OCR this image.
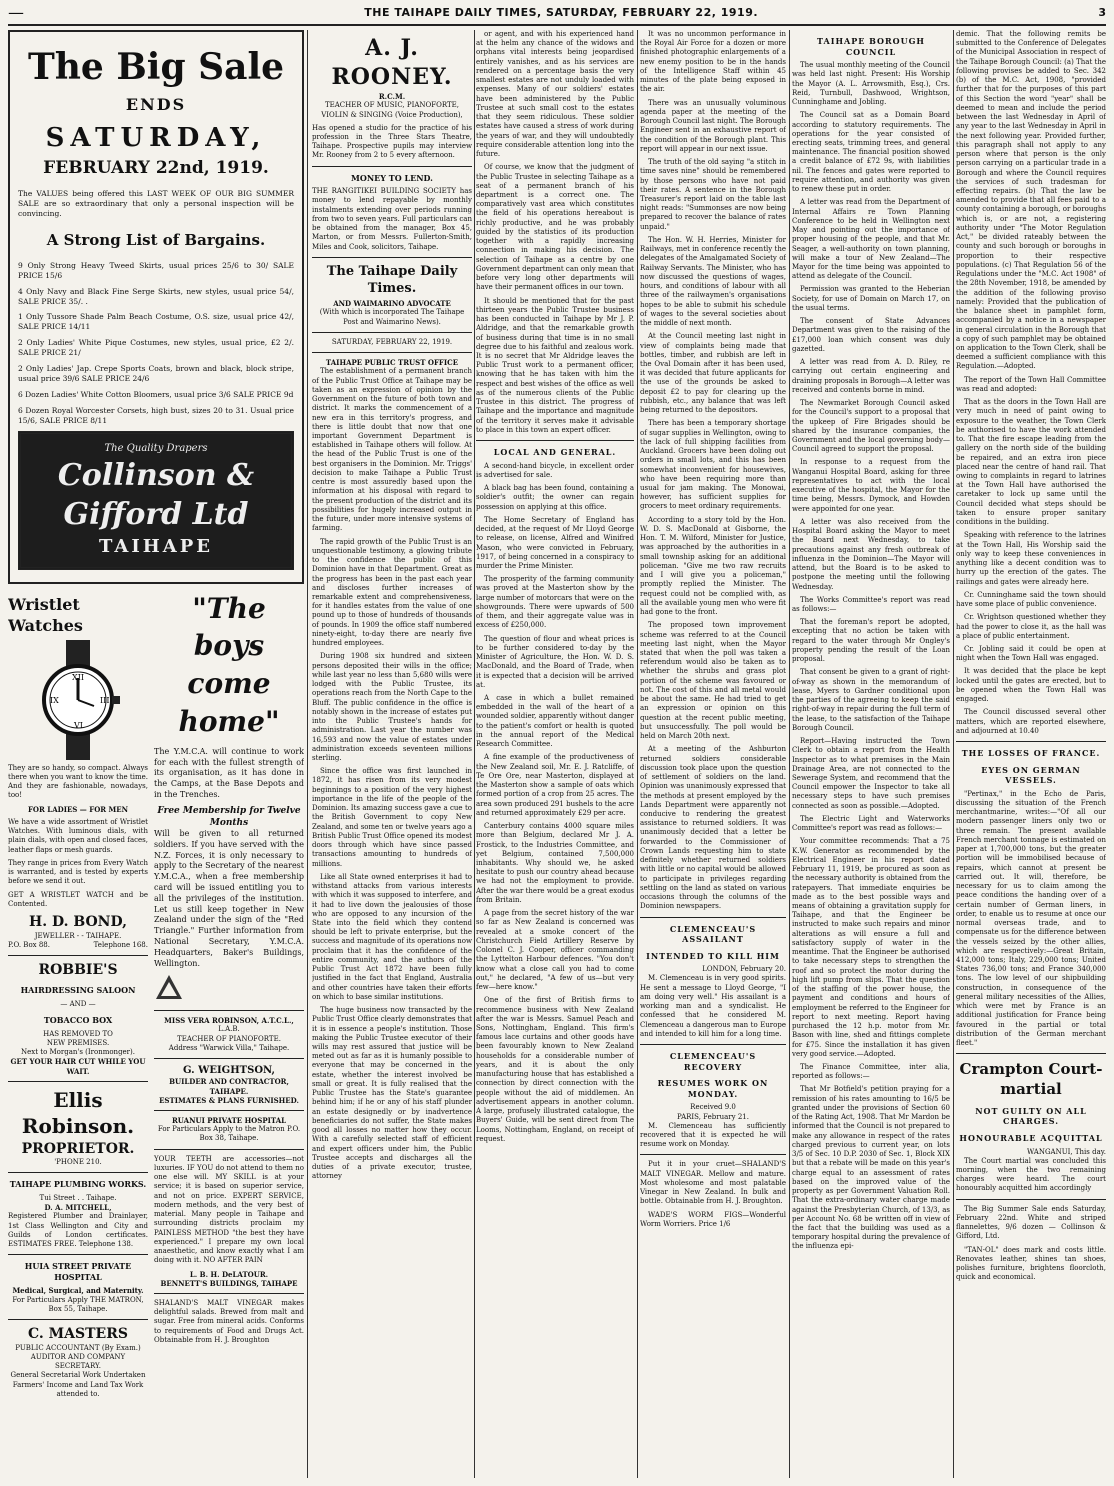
—	THE TAIHAPE DAILY TIMES, SATURDAY, FEBRUARY 22, 1919.	3
The Big Sale
ENDS
SATURDAY,
FEBRUARY 22nd, 1919.
The VALUES being offered this LAST WEEK OF OUR BIG SUMMER SALE are so extraordinary that only a personal inspection will be convincing.
A Strong List of Bargains.
9 Only Strong Heavy Tweed Skirts, usual prices 25/6 to 30/ SALE PRICE 15/6
4 Only Navy and Black Fine Serge Skirts, new styles, usual price 54/, SALE PRICE 35/. .
1 Only Tussore Shade Palm Beach Costume, O.S. size, usual price 42/, SALE PRICE 14/11
2 Only Ladies' White Pique Costumes, new styles, usual price, £2 2/. SALE PRICE 21/
2 Only Ladies' Jap. Crepe Sports Coats, brown and black, block stripe, usual price 39/6 SALE PRICE 24/6
6 Dozen Ladies' White Cotton Bloomers, usual price 3/6 SALE PRICE 9d
6 Dozen Royal Worcester Corsets, high bust, sizes 20 to 31. Usual price 15/6, SALE PRICE 8/11
The Quality Drapers
Collinson & Gifford Ltd
TAIHAPE
Wristlet Watches
XII
III
VI
IX

They are so handy, so compact. Always there when you want to know the time. And they are fashionable, nowadays, too!

FOR LADIES — FOR MEN

We have a wide assortment of Wristlet Watches. With luminous dials, with plain dials, with open and closed faces, leather flaps or mesh guards.

They range in prices from Every Watch is warranted, and is tested by experts before we send it out.

GET A WRISTLET WATCH and be Contented.

H. D. BOND,
JEWELLER - - TAIHAPE.
P.O. Box 88.	Telephone 168.
ROBBIE'S
HAIRDRESSING SALOON
— AND —
TOBACCO BOX
HAS REMOVED TO
NEW PREMISES.
Next to Morgan's (Ironmonger).
GET YOUR HAIR CUT WHILE YOU WAIT.
Ellis Robinson.
PROPRIETOR.
'PHONE 210.
TAIHAPE PLUMBING WORKS.
Tui Street . . Taihape.
D. A. MITCHELL,

Registered Plumber and Drainlayer, 1st Class Wellington and City and Guilds of London certificates. ESTIMATES FREE. Telephone 138.

HUIA STREET PRIVATE HOSPITAL
Medical, Surgical, and Maternity.
For Particulars Apply THE MATRON, Box 55, Taihape.
C. MASTERS
PUBLIC ACCOUNTANT (By Exam.) AUDITOR AND COMPANY SECRETARY.
General Secretarial Work Undertaken Farmers' Income and Land Tax Work attended to.
"The boys come home"

The Y.M.C.A. will continue to work for each with the fullest strength of its organisation, as it has done in the Camps, at the Base Depots and in the Trenches.

Free Membership for Twelve Months

Will be given to all returned soldiers. If you have served with the N.Z. Forces, it is only necessary to apply to the Secretary of the nearest Y.M.C.A., when a free membership card will be issued entitling you to all the privileges of the institution. Let us still keep together in New Zealand under the sign of the "Red Triangle." Further information from National Secretary, Y.M.C.A. Headquarters, Baker's Buildings, Wellington.

MISS VERA ROBINSON, A.T.C.L.,
L.A.B.
TEACHER OF PIANOFORTE.
Address "Warwick Villa," Taihape.
G. WEIGHTSON,
BUILDER AND CONTRACTOR, TAIHAPE.
ESTIMATES & PLANS FURNISHED.
RUANUI PRIVATE HOSPITAL
For Particulars Apply to the Matron P.O. Box 38, Taihape.

YOUR TEETH are accessories—not luxuries. IF YOU do not attend to them no one else will. MY SKILL is at your service; it is based on superior service, and not on price. EXPERT SERVICE, modern methods, and the very best of material. Many people in Taihape and surrounding districts proclaim my PAINLESS METHOD "the best they have experienced." I prepare my own local anaesthetic, and know exactly what I am doing with it. NO AFTER PAIN

L. B. H. DeLATOUR.
BENNETT'S BUILDINGS, TAIHAPE

SHALAND'S MALT VINEGAR makes delightful salads. Brewed from malt and sugar. Free from mineral acids. Conforms to requirements of Food and Drugs Act. Obtainable from H. J. Broughton

A. J. ROONEY.
R.C.M.

TEACHER OF MUSIC, PIANOFORTE, VIOLIN & SINGING (Voice Production),

Has opened a studio for the practice of his profession in the Three Stars Theatre, Taihape. Prospective pupils may interview Mr. Rooney from 2 to 5 every afternoon.

MONEY TO LEND.

THE RANGITIKEI BUILDING SOCIETY has money to lend repayable by monthly instalments extending over periods running from two to seven years. Full particulars can be obtained from the manager, Box 45, Marton, or from Messrs. Fullerton-Smith, Miles and Cook, solicitors, Taihape.

The Taihape Daily Times.
AND WAIMARINO ADVOCATE
(With which is incorporated The Taihape Post and Waimarino News).
SATURDAY, FEBRUARY 22, 1919.
TAIHAPE PUBLIC TRUST OFFICE

The establishment of a permanent branch of the Public Trust Office at Taihape may be taken as an expression of opinion by the Government on the future of both town and district. It marks the commencement of a new era in this territory's progress, and there is little doubt that now that one important Government Department is established in Taihape others will follow. At the head of the Public Trust is one of the best organisers in the Dominion. Mr. Triggs' decision to make Taihape a Public Trust centre is most assuredly based upon the information at his disposal with regard to the present production of the district and its possibilities for hugely increased output in the future, under more intensive systems of farming.

The rapid growth of the Public Trust is an unquestionable testimony, a glowing tribute to the confidence the public of this Dominion have in that Department. Great as the progress has been in the past each year and discloses further increases of remarkable extent and comprehensiveness, for it handles estates from the value of one pound up to those of hundreds of thousands of pounds. In 1909 the office staff numbered ninety-eight, to-day there are nearly five hundred employees.

During 1908 six hundred and sixteen persons deposited their wills in the office; while last year no less than 5,680 wills were lodged with the Public Trustee, its operations reach from the North Cape to the Bluff. The public confidence in the office is notably shown in the increase of estates put into the Public Trustee's hands for administration. Last year the number was 16,593 and now the value of estates under administration exceeds seventeen millions sterling.

Since the office was first launched in 1872, it has risen from its very modest beginnings to a position of the very highest importance in the life of the people of the Dominion. Its amazing success gave a cue to the British Government to copy New Zealand, and some ten or twelve years ago a British Public Trust Office opened its modest doors through which have since passed transactions amounting to hundreds of millions.

Like all State owned enterprises it had to withstand attacks from various interests with which it was supposed to interfere, and it had to live down the jealousies of those who are opposed to any incursion of the State into the field which they contend should be left to private enterprise, but the success and magnitude of its operations now proclaim that it has the confidence of the entire community, and the authors of the Public Trust Act 1872 have been fully justified in the fact that England, Australia and other countries have taken their efforts on which to base similar institutions.

The huge business now transacted by the Public Trust Office clearly demonstrates that it is in essence a people's institution. Those making the Public Trustee executor of their wills may rest assured that justice will be meted out as far as it is humanly possible to everyone that may be concerned in the estate, whether the interest involved be small or great. It is fully realised that the Public Trustee has the State's guarantee behind him; if he or any of his staff plunder an estate designedly or by inadvertence beneficiaries do not suffer, the State makes good all losses no matter how they occur. With a carefully selected staff of efficient and expert officers under him, the Public Trustee accepts and discharges all the duties of a private executor, trustee, attorney

or agent, and with his experienced hand at the helm any chance of the widows and orphans vital interests being jeopardised entirely vanishes, and as his services are rendered on a percentage basis the very smallest estates are not unduly loaded with expenses. Many of our soldiers' estates have been administered by the Public Trustee at such small cost to the estates that they seem ridiculous. These soldier estates have caused a stress of work during the years of war, and they will undoubtedly require considerable attention long into the future.

Of course, we know that the judgment of the Public Trustee in selecting Taihape as a seat of a permanent branch of his department is a correct one. The comparatively vast area which constitutes the field of his operations hereabout is richly productive, and he was probably guided by the statistics of its production together with a rapidly increasing connection in making his decision. The selection of Taihape as a centre by one Government department can only mean that before very long other departments will have their permanent offices in our town.

It should be mentioned that for the past thirteen years the Public Trustee business has been conducted in Taihape by Mr J. P. Aldridge, and that the remarkable growth of business during that time is in no small degree due to his faithful and zealous work. It is no secret that Mr Aldridge leaves the Public Trust work to a permanent officer, knowing that he has taken with him the respect and best wishes of the office as well as of the numerous clients of the Public Trustee in this district. The progress of Taihape and the importance and magnitude of the territory it serves make it advisable to place in this town an expert officer.

LOCAL AND GENERAL.

A second-hand bicycle, in excellent order is advertised for sale.

A black bag has been found, containing a soldier's outfit; the owner can regain possession on applying at this office.

The Home Secretary of England has decided, at the request of Mr Lloyd George to release, on license, Alfred and Winifred Mason, who were convicted in February, 1917, of being concerned in a conspiracy to murder the Prime Minister.

The prosperity of the farming community was proved at the Masterton show by the large number of motorcars that were on the showgrounds. There were upwards of 500 of them, and their aggregate value was in excess of £250,000.

The question of flour and wheat prices is to be further considered to-day by the Minister of Agriculture, the Hon. W. D. S. MacDonald, and the Board of Trade, when it is expected that a decision will be arrived at.

A case in which a bullet remained embedded in the wall of the heart of a wounded soldier, apparently without danger to the patient's comfort or health is quoted in the annual report of the Medical Research Committee.

A fine example of the productiveness of the New Zealand soil, Mr. E. J. Ratcliffe, of Te Ore Ore, near Masterton, displayed at the Masterton show a sample of oats which formed portion of a crop from 25 acres. The area sown produced 291 bushels to the acre and returned approximately £29 per acre.

Canterbury contains 4000 square miles more than Belgium, declared Mr J. A. Frostick, to the Industries Committee, and yet Belgium, contained 7,500,000 inhabitants. Why should we, he asked hesitate to push our country ahead because we had not the employment to provide. After the war there would be a great exodus from Britain.

A page from the secret history of the war so far as New Zealand is concerned was revealed at a smoke concert of the Christchurch Field Artillery Reserve by Colonel C. J. Cooper, officer commanding the Lyttelton Harbour defences. "You don't know what a close call you had to come out," he declared, "A few of us—but very few—here know."

One of the first of British firms to recommence business with New Zealand after the war is Messrs. Samuel Peach and Sons, Nottingham, England. This firm's famous lace curtains and other goods have been favourably known to New Zealand households for a considerable number of years, and it is about the only manufacturing house that has established a connection by direct connection with the people without the aid of middlemen. An advertisement appears in another column. A large, profusely illustrated catalogue, the Buyers' Guide, will be sent direct from The Looms, Nottingham, England, on receipt of request.

It was no uncommon performance in the Royal Air Force for a dozen or more finished photographic enlargements of a new enemy position to be in the hands of the Intelligence Staff within 45 minutes of the plate being exposed in the air.

There was an unusually voluminous agenda paper at the meeting of the Borough Council last night. The Borough Engineer sent in an exhaustive report of the condition of the Borough plant. This report will appear in our next issue.

The truth of the old saying "a stitch in time saves nine" should be remembered by those persons who have not paid their rates. A sentence in the Borough Treasurer's report laid on the table last night reads: "Summonses are now being prepared to recover the balance of rates unpaid."

The Hon. W. H. Herries, Minister for Railways, met in conference recently the delegates of the Amalgamated Society of Railway Servants. The Minister, who has now discussed the questions of wages, hours, and conditions of labour with all three of the railwaymen's organisations hopes to be able to submit his schedule of wages to the several societies about the middle of next month.

At the Council meeting last night in view of complaints being made that bottles, timber, and rubbish are left in the Oval Domain after it has been used, it was decided that future applicants for the use of the grounds be asked to deposit £2 to pay for clearing up the rubbish, etc., any balance that was left being returned to the depositors.

There has been a temporary shortage of sugar supplies in Wellington, owing to the lack of full shipping facilities from Auckland. Grocers have been doling out orders in small lots, and this has been somewhat inconvenient for housewives, who have been requiring more than usual for jam making. The Monowai, however, has sufficient supplies for grocers to meet ordinary requirements.

According to a story told by the Hon. W. D. S. MacDonald at Gisborne, the Hon. T. M. Wilford, Minister for Justice, was approached by the authorities in a small township asking for an additional policeman. "Give me two raw recruits and I will give you a policeman," promptly replied the Minister. The request could not be complied with, as all the available young men who were fit had gone to the front.

The proposed town improvement scheme was referred to at the Council meeting last night, when the Mayor stated that when the poll was taken a referendum would also be taken as to whether the shrubs and grass plot portion of the scheme was favoured or not. The cost of this and all metal would be about the same. He had tried to get an expression or opinion on this question at the recent public meeting, but unsuccessfully. The poll would be held on March 20th next.

At a meeting of the Ashburton returned soldiers considerable discussion took place upon the question of settlement of soldiers on the land. Opinion was unanimously expressed that the methods at present employed by the Lands Department were apparently not conducive to rendering the greatest assistance to returned soldiers. It was unanimously decided that a letter be forwarded to the Commissioner of Crown Lands requesting him to state definitely whether returned soldiers with little or no capital would be allowed to participate in privileges regarding settling on the land as stated on various occasions through the columns of the Dominion newspapers.

CLEMENCEAU'S ASSAILANT
INTENDED TO KILL HIM
LONDON, February 20.

M. Clemenceau is in very good spirits. He sent a message to Lloyd George, "I am doing very well." His assailant is a working man and a syndicalist. He confessed that he considered M. Clemenceau a dangerous man to Europe and intended to kill him for a long time.

CLEMENCEAU'S RECOVERY
RESUMES WORK ON MONDAY.
Received 9.0
PARIS, February 21.

M. Clemenceau has sufficiently recovered that it is expected he will resume work on Monday.

Put it in your cruet—SHALAND'S MALT VINEGAR. Mellow and mature. Most wholesome and most palatable Vinegar in New Zealand. In bulk and bottle. Obtainable from H. J. Broughton.

WADE'S WORM FIGS—Wonderful Worm Worriers. Price 1/6

TAIHAPE BOROUGH COUNCIL

The usual monthly meeting of the Council was held last night. Present: His Worship the Mayor (A. L. Arrowsmith, Esq.), Crs. Reid, Turnbull, Dashwood, Wrightson, Cunninghame and Jobling.

The Council sat as a Domain Board according to statutory requirements. The operations for the year consisted of erecting seats, trimming trees, and general maintenance. The financial position showed a credit balance of £72 9s, with liabilities nil. The fences and gates were reported to require attention, and authority was given to renew these put in order.

A letter was read from the Department of Internal Affairs re Town Planning Conference to be held in Wellington next May and pointing out the importance of proper housing of the people, and that Mr. Seager, a well-authority on town planning, will make a tour of New Zealand—The Mayor for the time being was appointed to attend as delegate of the Council.

Permission was granted to the Heberian Society, for use of Domain on March 17, on the usual terms.

The consent of State Advances Department was given to the raising of the £17,000 loan which consent was duly gazetted.

A letter was read from A. D. Riley, re carrying out certain engineering and draining proposals in Borough—A letter was received and contents borne in mind.

The Newmarket Borough Council asked for the Council's support to a proposal that the upkeep of Fire Brigades should be shared by the insurance companies, the Government and the local governing body—Council agreed to support the proposal.

In response to a request from the Wanganui Hospital Board, asking for three representatives to act with the local executive of the hospital, the Mayor for the time being, Messrs. Dymock, and Howden were appointed for one year.

A letter was also received from the Hospital Board asking the Mayor to meet the Board next Wednesday, to take precautions against any fresh outbreak of influenza in the Dominion—The Mayor will attend, but the Board is to be asked to postpone the meeting until the following Wednesday.

The Works Committee's report was read as follows:—

That the foreman's report be adopted, excepting that no action be taken with regard to the water through Mr Ongley's property pending the result of the Loan proposal.

That consent be given to a grant of right-of-way as shown in the memorandum of lease, Myers to Gardner conditional upon the parties of the agreeing to keep the said right-of-way in repair during the full term of the lease, to the satisfaction of the Taihape Borough Council.

Report—Having instructed the Town Clerk to obtain a report from the Health Inspector as to what premises in the Main Drainage Area, are not connected to the Sewerage System, and recommend that the Council empower the Inspector to take all necessary steps to have such premises connected as soon as possible.—Adopted.

The Electric Light and Waterworks Committee's report was read as follows:—

Your committee recommends: That a 75 K.W. Generator as recommended by the Electrical Engineer in his report dated February 11, 1919, be procured as soon as the necessary authority is obtained from the ratepayers. That immediate enquiries be made as to the best possible ways and means of obtaining a gravitation supply for Taihape, and that the Engineer be instructed to make such repairs and minor alterations as will ensure a full and satisfactory supply of water in the meantime. That the Engineer be authorised to take necessary steps to strengthen the roof and so protect the motor during the high lift pump from slips. That the question of the staffing of the power house, the payment and conditions and hours of employment be referred to the Engineer for report to next meeting. Report having purchased the 12 h.p. motor from Mr. Bason with line, shed and fittings complete for £75. Since the installation it has given very good service.—Adopted.

The Finance Committee, inter alia, reported as follows:—

That Mr Botfield's petition praying for a remission of his rates amounting to 16/5 be granted under the provisions of Section 60 of the Rating Act, 1908. That Mr Mardon be informed that the Council is not prepared to make any allowance in respect of the rates charged previous to current year, on lots 3/5 of Sec. 10 D.P. 2030 of Sec. 1, Block XIX but that a rebate will be made on this year's charge equal to an assessment of rates based on the improved value of the property as per Government Valuation Roll. That the extra-ordinary water charge made against the Presbyterian Church, of 13/3, as per Account No. 68 be written off in view of the fact that the building was used as a temporary hospital during the prevalence of the influenza epi-

demic. That the following remits be submitted to the Conference of Delegates of the Municipal Association in respect of the Taihape Borough Council: (a) That the following provises be added to Sec. 342 (b) of the M.C. Act, 1908, "provided further that for the purposes of this part of this Section the word "year" shall be deemed to mean and include the period between the last Wednesday in April of any year to the last Wednesday in April in the next following year. Provided further, this paragraph shall not apply to any person where that person is the only person carrying on a particular trade in a Borough and where the Council requires the services of such tradesman for effecting repairs. (b) That the law be amended to provide that all fees paid to a county containing a borough, or boroughs which is, or are not, a registering authority under "The Motor Regulation Act," be divided rateably between the county and such borough or boroughs in proportion to their respective populations. (c) That Regulation 56 of the Regulations under the "M.C. Act 1908" of the 28th November, 1918, be amended by the addition of the following proviso namely: Provided that the publication of the balance sheet in pamphlet form, accompanied by a notice in a newspaper in general circulation in the Borough that a copy of such pamphlet may be obtained on application to the Town Clerk, shall be deemed a sufficient compliance with this Regulation.—Adopted.

The report of the Town Hall Committee was read and adopted:

That as the doors in the Town Hall are very much in need of paint owing to exposure to the weather, the Town Clerk be authorised to have the work attended to. That the fire escape leading from the gallery on the north side of the building be repaired, and an extra iron piece placed near the centre of hand rail. That owing to complaints in regard to latrines at the Town Hall have authorised the caretaker to lock up same until the Council decided what steps should be taken to ensure proper sanitary conditions in the building.

Speaking with reference to the latrines at the Town Hall, His Worship said the only way to keep these conveniences in anything like a decent condition was to hurry up the erection of the gates. The railings and gates were already here.

Cr. Cunninghame said the town should have some place of public convenience.

Cr. Wrightson questioned whether they had the power to close it, as the hall was a place of public entertainment.

Cr. Jobling said it could be open at night when the Town Hall was engaged.

It was decided that the place be kept locked until the gates are erected, but to be opened when the Town Hall was engaged.

The Council discussed several other matters, which are reported elsewhere, and adjourned at 10.40

THE LOSSES OF FRANCE.
EYES ON GERMAN VESSELS.

"Pertinax," in the Echo de Paris, discussing the situation of the French merchantmarine, writes:—"Of all our modern passenger liners only two or three remain. The present available French merchant tonnage is estimated on paper at 1,700,000 tons, but the greater portion will be immobilised because of repairs, which cannot at present be carried out. It will, therefore, be necessary for us to claim among the peace conditions the handing over of a certain number of German liners, in order, to enable us to resume at once our normal overseas trade, and to compensate us for the difference between the vessels seized by the other allies, which are respectively:—Great Britain, 412,000 tons; Italy, 229,000 tons; United States 736,00 tons; and France 340,000 tons. The low level of our shipbuilding construction, in consequence of the general military necessities of the Allies, which were met by France is an additional justification for France being favoured in the partial or total distribution of the German merchant fleet."

Crampton Court-martial
NOT GUILTY ON ALL CHARGES.
HONOURABLE ACQUITTAL
WANGANUI, This day.

The Court martial was concluded this morning, when the two remaining charges were heard. The court honourably acquitted him accordingly

The Big Summer Sale ends Saturday, February 22nd. White and striped flannelettes, 9/6 dozen — Collinson & Gifford, Ltd.

"TAN-OL" does mark and costs little. Renovates leather, shines tan shoes, polishes furniture, brightens floorcloth, quick and economical.
